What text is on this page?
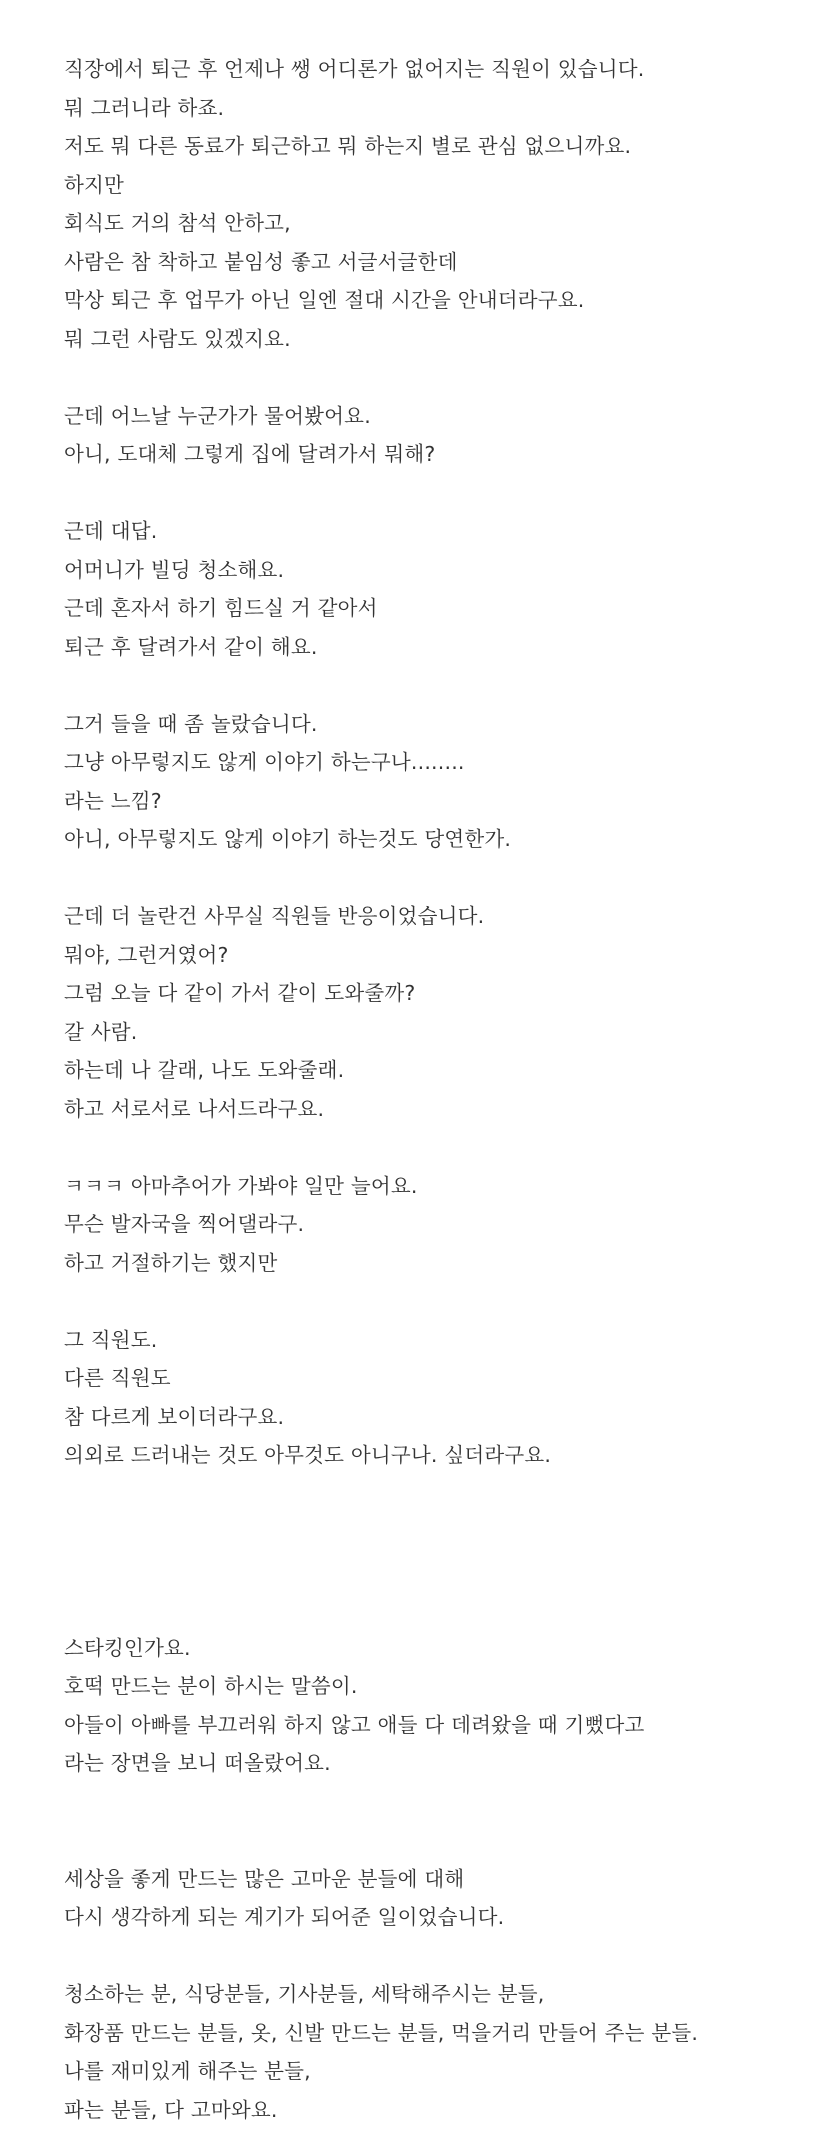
직장에서 퇴근 후 언제나 쌩 어디론가 없어지는 직원이 있습니다.
뭐 그러니라 하죠.
저도 뭐 다른 동료가 퇴근하고 뭐 하는지 별로 관심 없으니까요.
하지만
회식도 거의 참석 안하고,
사람은 참 착하고 붙임성 좋고 서글서글한데
막상 퇴근 후 업무가 아닌 일엔 절대 시간을 안내더라구요.
뭐 그런 사람도 있겠지요.
근데 어느날 누군가가 물어봤어요.
아니, 도대체 그렇게 집에 달려가서 뭐해?
근데 대답.
어머니가 빌딩 청소해요.
근데 혼자서 하기 힘드실 거 같아서
퇴근 후 달려가서 같이 해요.
그거 들을 때 좀 놀랐습니다.
그냥 아무렇지도 않게 이야기 하는구나........
라는 느낌?
아니, 아무렇지도 않게 이야기 하는것도 당연한가.
근데 더 놀란건 사무실 직원들 반응이었습니다.
뭐야, 그런거였어?
그럼 오늘 다 같이 가서 같이 도와줄까?
갈 사람.
하는데 나 갈래, 나도 도와줄래.
하고 서로서로 나서드라구요.
ㅋㅋㅋ 아마추어가 가봐야 일만 늘어요.
무슨 발자국을 찍어댈라구.
하고 거절하기는 했지만
그 직원도.
다른 직원도
참 다르게 보이더라구요.
의외로 드러내는 것도 아무것도 아니구나. 싶더라구요.
스타킹인가요.
호떡 만드는 분이 하시는 말씀이.
아들이 아빠를 부끄러워 하지 않고 애들 다 데려왔을 때 기뻤다고
라는 장면을 보니 떠올랐어요.
세상을 좋게 만드는 많은 고마운 분들에 대해
다시 생각하게 되는 계기가 되어준 일이었습니다.
청소하는 분, 식당분들, 기사분들, 세탁해주시는 분들,
화장품 만드는 분들, 옷, 신발 만드는 분들, 먹을거리 만들어 주는 분들.
나를 재미있게 해주는 분들,
파는 분들, 다 고마와요.
